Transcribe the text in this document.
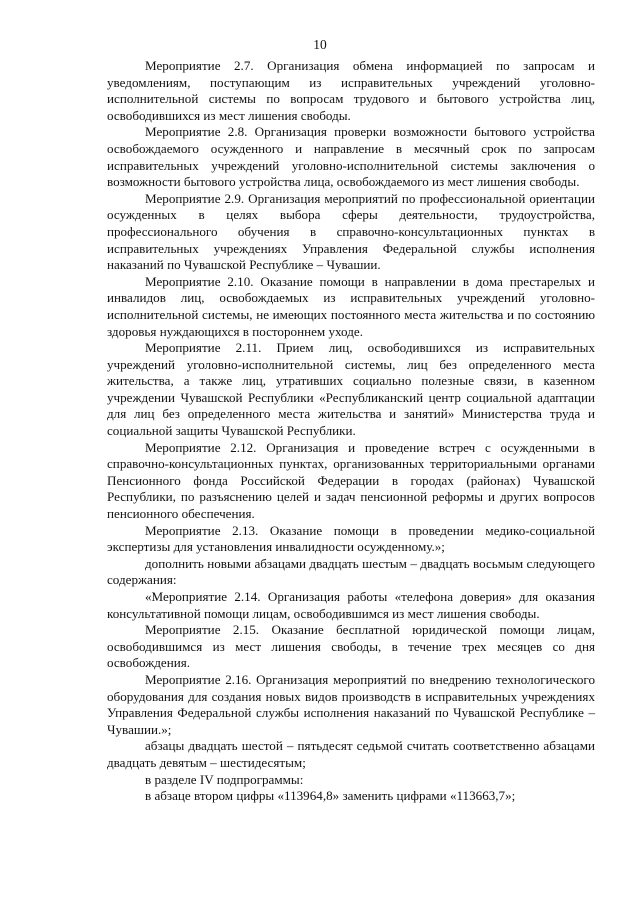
10

Мероприятие 2.7. Организация обмена информацией по запросам и уведомлениям, поступающим из исправительных учреждений уголовно-исполнительной системы по вопросам трудового и бытового устройства лиц, освободившихся из мест лишения свободы.

Мероприятие 2.8. Организация проверки возможности бытового устройства освобождаемого осужденного и направление в месячный срок по запросам исправительных учреждений уголовно-исполнительной системы заключения о возможности бытового устройства лица, освобождаемого из мест лишения свободы.

Мероприятие 2.9. Организация мероприятий по профессиональной ориентации осужденных в целях выбора сферы деятельности, трудоустройства, профессионального обучения в справочно-консультационных пунктах в исправительных учреждениях Управления Федеральной службы исполнения наказаний по Чувашской Республике – Чувашии.

Мероприятие 2.10. Оказание помощи в направлении в дома престарелых и инвалидов лиц, освобождаемых из исправительных учреждений уголовно-исполнительной системы, не имеющих постоянного места жительства и по состоянию здоровья нуждающихся в постороннем уходе.

Мероприятие 2.11. Прием лиц, освободившихся из исправительных учреждений уголовно-исполнительной системы, лиц без определенного места жительства, а также лиц, утративших социально полезные связи, в казенном учреждении Чувашской Республики «Республиканский центр социальной адаптации для лиц без определенного места жительства и занятий» Министерства труда и социальной защиты Чувашской Республики.

Мероприятие 2.12. Организация и проведение встреч с осужденными в справочно-консультационных пунктах, организованных территориальными органами Пенсионного фонда Российской Федерации в городах (районах) Чувашской Республики, по разъяснению целей и задач пенсионной реформы и других вопросов пенсионного обеспечения.

Мероприятие 2.13. Оказание помощи в проведении медико-социальной экспертизы для установления инвалидности осужденному.»;

дополнить новыми абзацами двадцать шестым – двадцать восьмым следующего содержания:

«Мероприятие 2.14. Организация работы «телефона доверия» для оказания консультативной помощи лицам, освободившимся из мест лишения свободы.

Мероприятие 2.15. Оказание бесплатной юридической помощи лицам, освободившимся из мест лишения свободы, в течение трех месяцев со дня освобождения.

Мероприятие 2.16. Организация мероприятий по внедрению технологического оборудования для создания новых видов производств в исправительных учреждениях Управления Федеральной службы исполнения наказаний по Чувашской Республике – Чувашии.»;

абзацы двадцать шестой – пятьдесят седьмой считать соответственно абзацами двадцать девятым – шестидесятым;

в разделе IV подпрограммы:

в абзаце втором цифры «113964,8» заменить цифрами «113663,7»;
